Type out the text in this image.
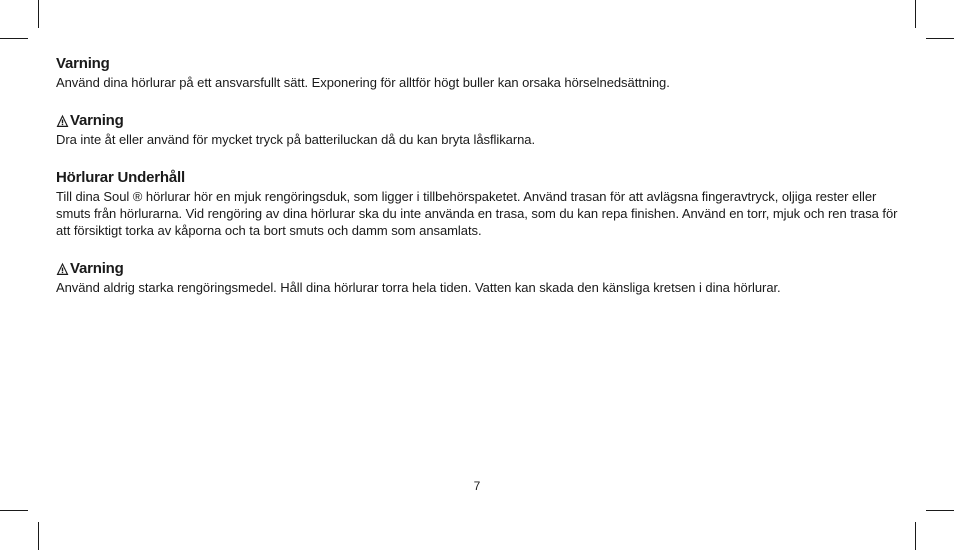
Varning
Använd dina hörlurar på ett ansvarsfullt sätt. Exponering för alltför högt buller kan orsaka hörselnedsättning.
Varning
Dra inte åt eller använd för mycket tryck på batteriluckan då du kan bryta låsflikarna.
Hörlurar Underhåll
Till dina Soul ® hörlurar hör en mjuk rengöringsduk, som ligger i tillbehörspaketet. Använd trasan för att avlägsna fingeravtryck, oljiga rester eller smuts från hörlurarna. Vid rengöring av dina hörlurar ska du inte använda en trasa, som du kan repa finishen. Använd en torr, mjuk och ren trasa för att försiktigt torka av kåporna och ta bort smuts och damm som ansamlats.
Varning
Använd aldrig starka rengöringsmedel. Håll dina hörlurar torra hela tiden. Vatten kan skada den känsliga kretsen i dina hörlurar.
7
